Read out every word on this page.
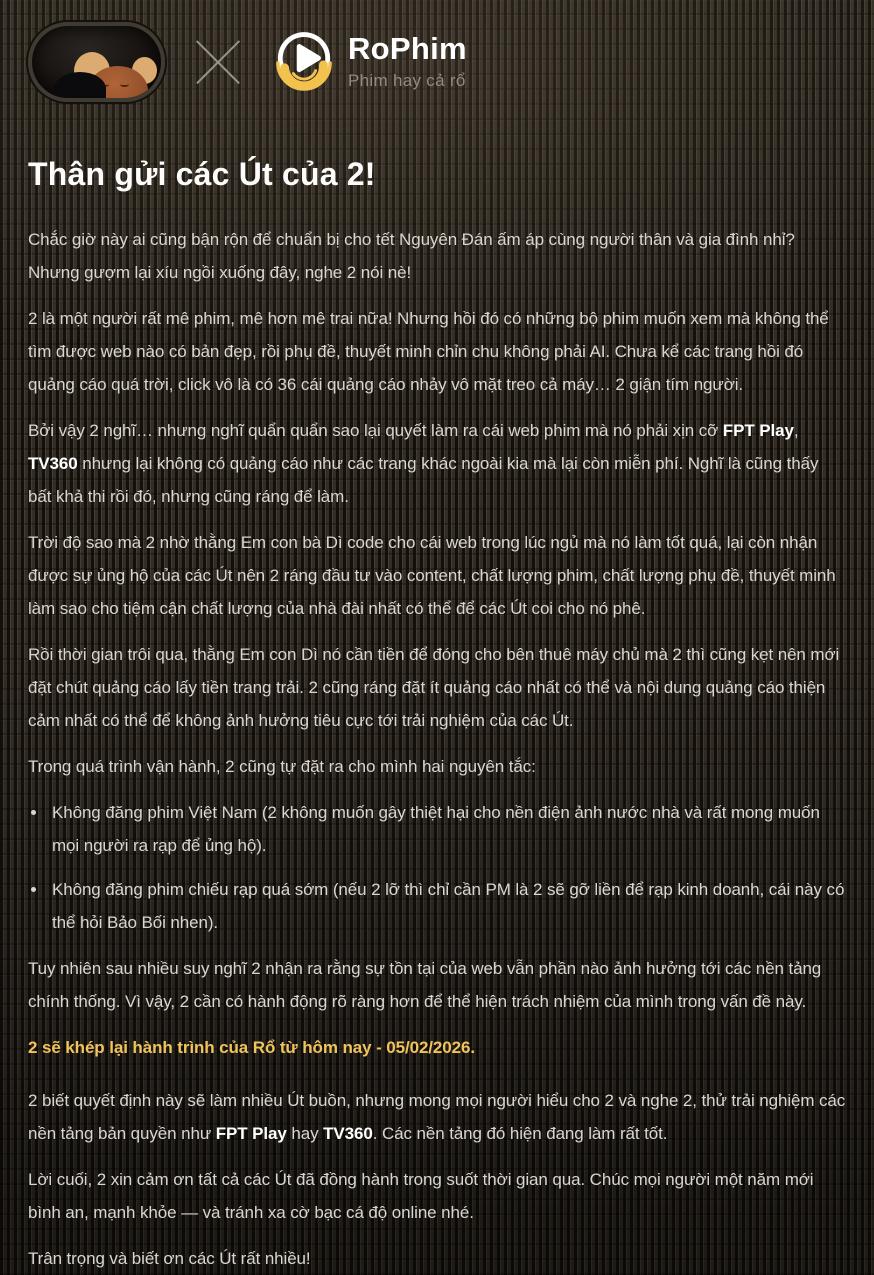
RoPhim
Phim hay cả rổ
Thân gửi các Út của 2!

Chắc giờ này ai cũng bận rộn để chuẩn bị cho tết Nguyên Đán ấm áp cùng người thân và gia đình nhỉ? Nhưng gượm lại xíu ngồi xuống đây, nghe 2 nói nè!

2 là một người rất mê phim, mê hơn mê trai nữa! Nhưng hồi đó có những bộ phim muốn xem mà không thể tìm được web nào có bản đẹp, rồi phụ đề, thuyết minh chỉn chu không phải AI. Chưa kể các trang hồi đó quảng cáo quá trời, click vô là có 36 cái quảng cáo nhảy vô mặt treo cả máy… 2 giận tím người.

Bởi vậy 2 nghĩ… nhưng nghĩ quẩn quẩn sao lại quyết làm ra cái web phim mà nó phải xịn cỡ FPT Play, TV360 nhưng lại không có quảng cáo như các trang khác ngoài kia mà lại còn miễn phí. Nghĩ là cũng thấy bất khả thi rồi đó, nhưng cũng ráng để làm.

Trời độ sao mà 2 nhờ thằng Em con bà Dì code cho cái web trong lúc ngủ mà nó làm tốt quá, lại còn nhận được sự ủng hộ của các Út nên 2 ráng đầu tư vào content, chất lượng phim, chất lượng phụ đề, thuyết minh làm sao cho tiệm cận chất lượng của nhà đài nhất có thể để các Út coi cho nó phê.

Rồi thời gian trôi qua, thằng Em con Dì nó cần tiền để đóng cho bên thuê máy chủ mà 2 thì cũng kẹt nên mới đặt chút quảng cáo lấy tiền trang trải. 2 cũng ráng đặt ít quảng cáo nhất có thể và nội dung quảng cáo thiện cảm nhất có thể để không ảnh hưởng tiêu cực tới trải nghiệm của các Út.

Trong quá trình vận hành, 2 cũng tự đặt ra cho mình hai nguyên tắc:

• Không đăng phim Việt Nam (2 không muốn gây thiệt hại cho nền điện ảnh nước nhà và rất mong muốn mọi người ra rạp để ủng hộ).
• Không đăng phim chiếu rạp quá sớm (nếu 2 lỡ thì chỉ cần PM là 2 sẽ gỡ liền để rạp kinh doanh, cái này có thể hỏi Bảo Bối nhen).

Tuy nhiên sau nhiều suy nghĩ 2 nhận ra rằng sự tồn tại của web vẫn phần nào ảnh hưởng tới các nền tảng chính thống. Vì vậy, 2 cần có hành động rõ ràng hơn để thể hiện trách nhiệm của mình trong vấn đề này.

2 sẽ khép lại hành trình của Rổ từ hôm nay - 05/02/2026.

2 biết quyết định này sẽ làm nhiều Út buồn, nhưng mong mọi người hiểu cho 2 và nghe 2, thử trải nghiệm các nền tảng bản quyền như FPT Play hay TV360. Các nền tảng đó hiện đang làm rất tốt.

Lời cuối, 2 xin cảm ơn tất cả các Út đã đồng hành trong suốt thời gian qua. Chúc mọi người một năm mới bình an, mạnh khỏe — và tránh xa cờ bạc cá độ online nhé.

Trân trọng và biết ơn các Út rất nhiều!
